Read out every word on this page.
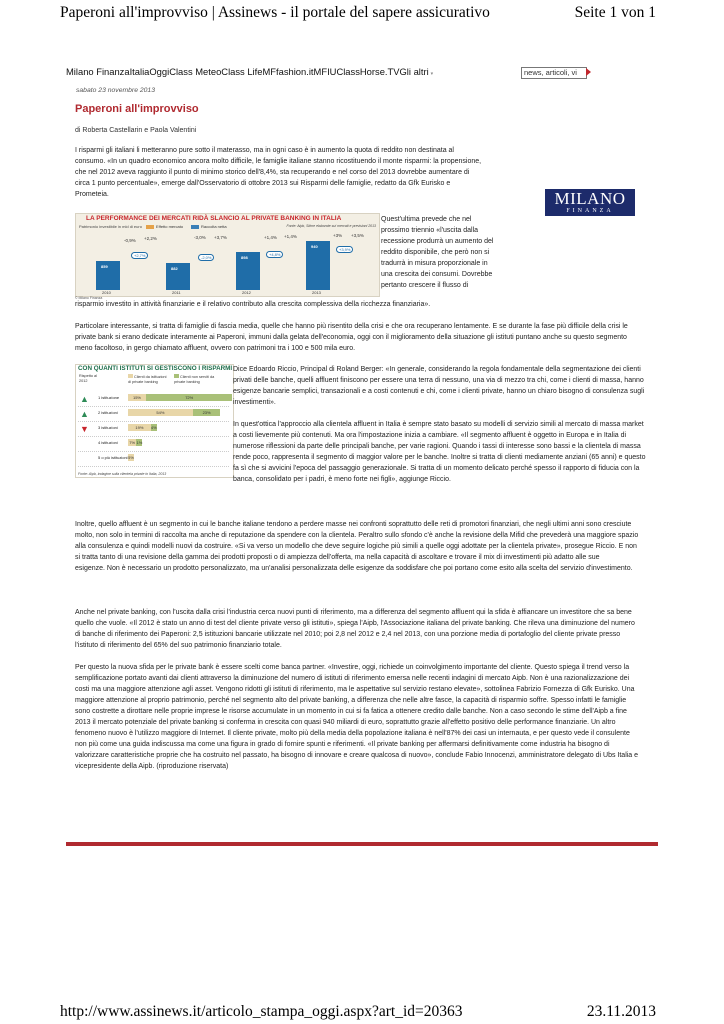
Paperoni all'improvviso | Assinews - il portale del sapere assicurativo	Seite 1 von 1
Milano FinanzaItaliaOggiClass MeteoClass LifeMFfashion.itMFIUClassHorse.TVGli altri ▾	news, articoli, vi
sabato 23 novembre 2013
Paperoni all'improvviso
di Roberta Castellarin e Paola Valentini
I risparmi gli italiani li metteranno pure sotto il materasso, ma in ogni caso è in aumento la quota di reddito non destinata al
consumo. «In un quadro economico ancora molto difficile, le famiglie italiane stanno ricostituendo il monte risparmi: la propensione,
che nel 2012 aveva raggiunto il punto di minimo storico dell'8,4%, sta recuperando e nel corso del 2013 dovrebbe aumentare di
circa 1 punto percentuale», emerge dall'Osservatorio di ottobre 2013 sui Risparmi delle famiglie, redatto da Gfk Eurisko e
Prometeia.	MILANO
FINANZA
LA PERFORMANCE DEI MERCATI RIDÀ SLANCIO AL PRIVATE BANKING IN ITALIA
Patrimonio investibile in mld di euro	Effetto mercato	Raccolta netta	Fonte: Aipb, Stime elaborate sui mercati e previsioni 2013
859
2010
882
2011
898
2012
940
2013
-0,9% +2,2%	-3,0% +3,7%	+1,4% +1,4%	+3% +3,5%
+2,7%	-2,0%
+4,8%
+3,9%
© Milano Finanza
Quest'ultima prevede che nel
prossimo triennio «l'uscita dalla
recessione produrrà un aumento del
reddito disponibile, che però non si
tradurrà in misura proporzionale in
una crescita dei consumi. Dovrebbe
pertanto crescere il flusso di
risparmio investito in attività finanziarie e il relativo contributo alla crescita complessiva della ricchezza finanziaria».
Particolare interessante, si tratta di famiglie di fascia media, quelle che hanno più risentito della crisi e che ora recuperano lentamente. E se durante la fase più difficile della crisi le
private bank si erano dedicate interamente ai Paperoni, immuni dalla gelata dell'economia, oggi con il miglioramento della situazione gli istituti puntano anche su questo segmento
meno facoltoso, in gergo chiamato affluent, ovvero con patrimoni tra i 100 e 500 mila euro.
CON QUANTI ISTITUTI SI GESTISCONO I RISPARMI
Rispetto al 2012
Clienti da istituzioni di private banking
Clienti non serviti da private banking
▲ 1 istituzione	15%	72%
▲ 2 istituzioni	54%	23%
▼ 3 istituzioni	19%	4%
4 istituzioni	7% 1%
5 o più istituzioni 5%
Fonte: Aipb, indagine sulla clientela private in Italia, 2013
Dice Edoardo Riccio, Principal di Roland Berger: «In generale, considerando la regola fondamentale della segmentazione dei clienti
privati delle banche, quelli affluent finiscono per essere una terra di nessuno, una via di mezzo tra chi, come i clienti di massa, hanno
esigenze bancarie semplici, transazionali e a costi contenuti e chi, come i clienti private, hanno un chiaro bisogno di consulenza sugli
investimenti».
In quest'ottica l'approccio alla clientela affluent in Italia è sempre stato basato su modelli di servizio simili al mercato di massa market
a costi lievemente più contenuti. Ma ora l'impostazione inizia a cambiare. «Il segmento affluent è oggetto in Europa e in Italia di
numerose riflessioni da parte delle principali banche, per varie ragioni. Quando i tassi di interesse sono bassi e la clientela di massa
rende poco, rappresenta il segmento di maggior valore per le banche. Inoltre si tratta di clienti mediamente anziani (65 anni) e questo
fa sì che si avvicini l'epoca del passaggio generazionale. Si tratta di un momento delicato perché spesso il rapporto di fiducia con la
banca, consolidato per i padri, è meno forte nei figli», aggiunge Riccio.
Inoltre, quello affluent è un segmento in cui le banche italiane tendono a perdere masse nei confronti soprattutto delle reti di promotori finanziari, che negli ultimi anni sono cresciute
molto, non solo in termini di raccolta ma anche di reputazione da spendere con la clientela. Peraltro sullo sfondo c'è anche la revisione della Mifid che prevederà una maggiore spazio
alla consulenza e quindi modelli nuovi da costruire. «Si va verso un modello che deve seguire logiche più simili a quelle oggi adottate per la clientela private», prosegue Riccio. E non
si tratta tanto di una revisione della gamma dei prodotti proposti o di ampiezza dell'offerta, ma nella capacità di ascoltare e trovare il mix di investimenti più adatto alle sue
esigenze. Non è necessario un prodotto personalizzato, ma un'analisi personalizzata delle esigenze da soddisfare che poi portano come esito alla scelta del servizio d'investimento.
Anche nel private banking, con l'uscita dalla crisi l'industria cerca nuovi punti di riferimento, ma a differenza del segmento affluent qui la sfida è affiancare un investitore che sa bene
quello che vuole. «Il 2012 è stato un anno di test del cliente private verso gli istituti», spiega l'Aipb, l'Associazione italiana del private banking. Che rileva una diminuzione del numero
di banche di riferimento dei Paperoni: 2,5 istituzioni bancarie utilizzate nel 2010; poi 2,8 nel 2012 e 2,4 nel 2013, con una porzione media di portafoglio del cliente private presso
l'istituto di riferimento del 65% del suo patrimonio finanziario totale.
Per questo la nuova sfida per le private bank è essere scelti come banca partner. «Investire, oggi, richiede un coinvolgimento importante del cliente. Questo spiega il trend verso la
semplificazione portato avanti dai clienti attraverso la diminuzione del numero di istituti di riferimento emersa nelle recenti indagini di mercato Aipb. Non è una razionalizzazione dei
costi ma una maggiore attenzione agli asset. Vengono ridotti gli istituti di riferimento, ma le aspettative sul servizio restano elevate», sottolinea Fabrizio Fornezza di Gfk Eurisko. Una
maggiore attenzione al proprio patrimonio, perché nel segmento alto del private banking, a differenza che nelle altre fasce, la capacità di risparmio soffre. Spesso infatti le famiglie
sono costrette a dirottare nelle proprie imprese le risorse accumulate in un momento in cui si fa fatica a ottenere credito dalle banche. Non a caso secondo le stime dell'Aipb a fine
2013 il mercato potenziale del private banking si conferma in crescita con quasi 940 miliardi di euro, soprattutto grazie all'effetto positivo delle performance finanziarie. Un altro
fenomeno nuovo è l'utilizzo maggiore di Internet. Il cliente private, molto più della media della popolazione italiana è nell'87% dei casi un internauta, e per questo vede il consulente
non più come una guida indiscussa ma come una figura in grado di fornire spunti e riferimenti. «Il private banking per affermarsi definitivamente come industria ha bisogno di
valorizzare caratteristiche proprie che ha costruito nel passato, ha bisogno di innovare e creare qualcosa di nuovo», conclude Fabio Innocenzi, amministratore delegato di Ubs Italia e
vicepresidente della Aipb. (riproduzione riservata)
http://www.assinews.it/articolo_stampa_oggi.aspx?art_id=20363	23.11.2013
